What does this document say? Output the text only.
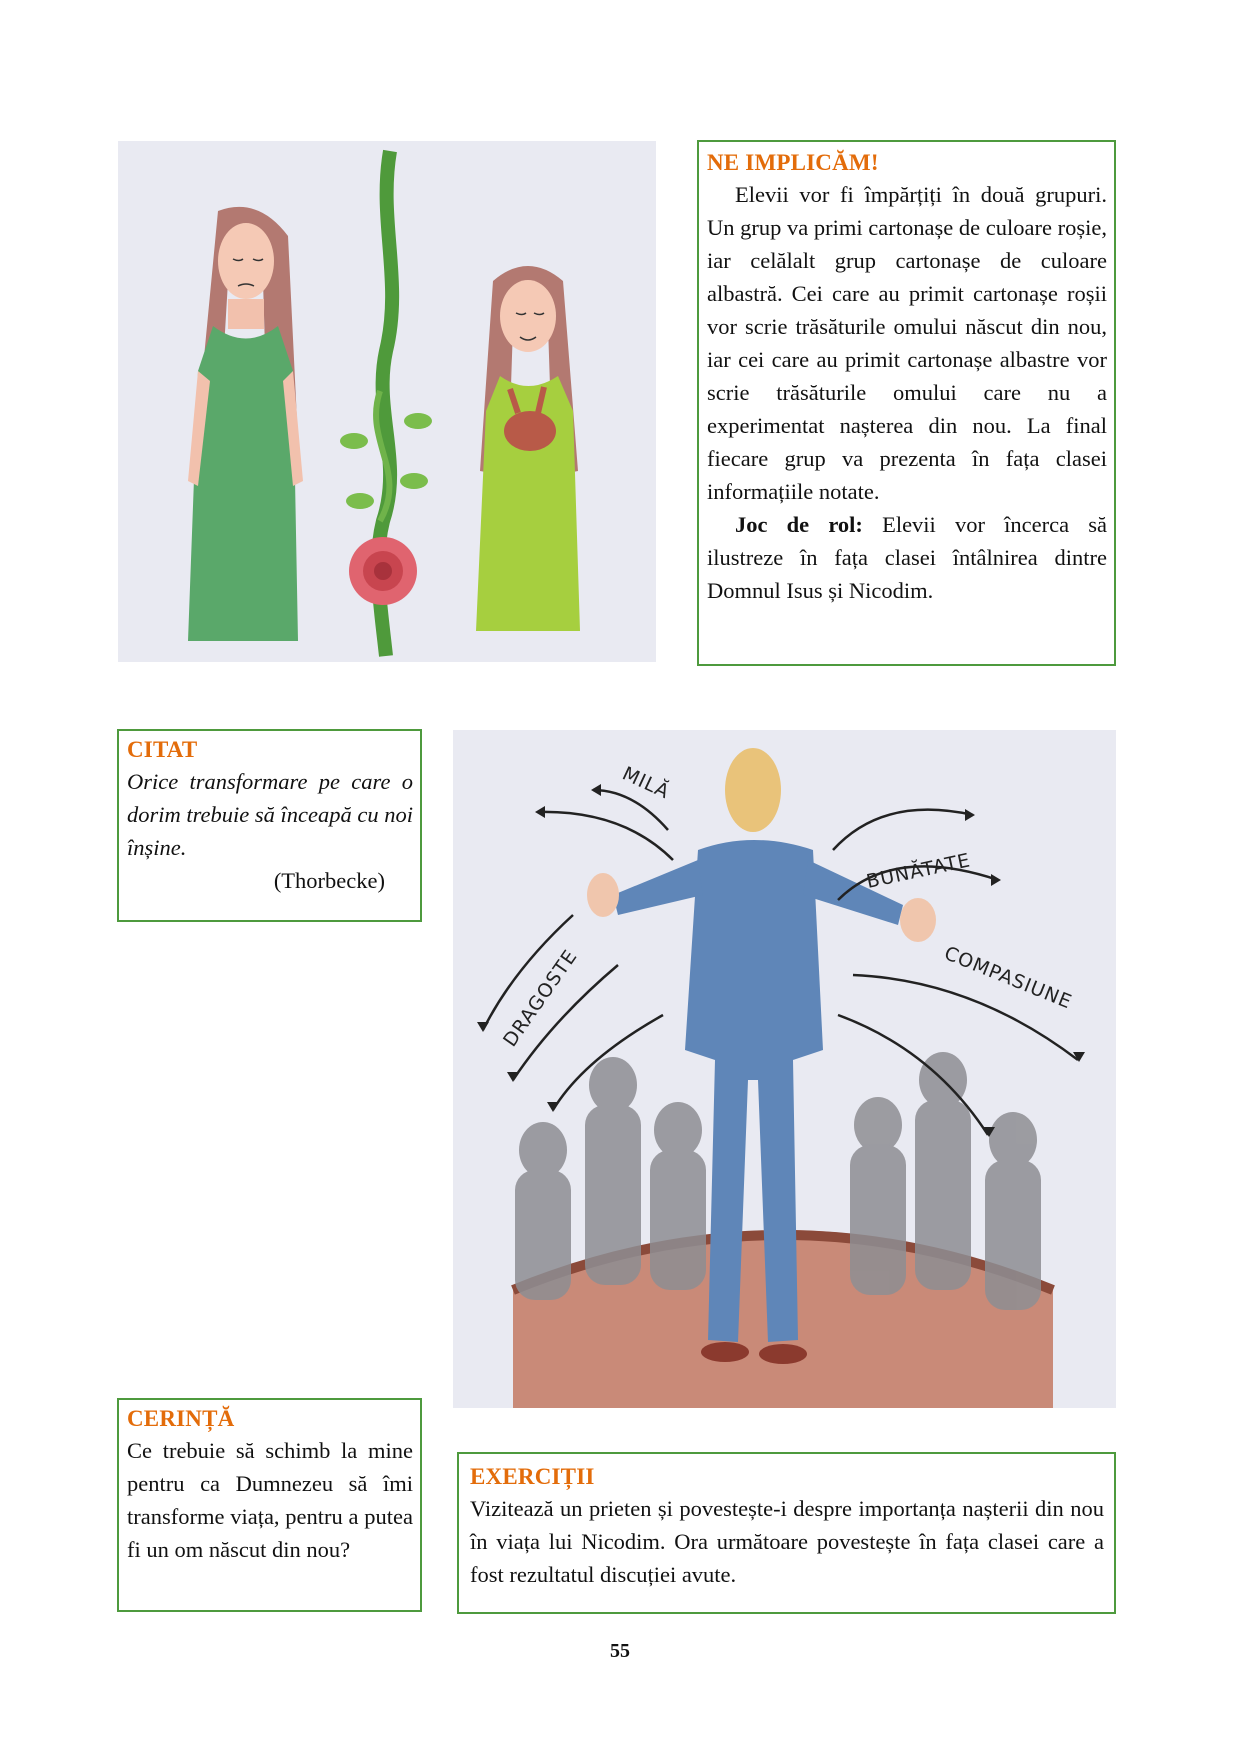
NE IMPLICĂM!

Elevii vor fi împărțiți în două grupuri. Un grup va primi cartonașe de culoare roșie, iar celălalt grup cartonașe de culoare albastră. Cei care au primit cartonașe roșii vor scrie trăsăturile omului născut din nou, iar cei care au primit cartonașe albastre vor scrie trăsăturile omului care nu a experimentat nașterea din nou. La final fiecare grup va prezenta în fața clasei informațiile notate.

Joc de rol: Elevii vor încerca să ilustreze în fața clasei întâlnirea dintre Domnul Isus și Nicodim.

CITAT
Orice transformare pe care o dorim trebuie să înceapă cu noi înșine.
(Thorbecke)
MILĂ
BUNĂTATE
DRAGOSTE	COMPASIUNE
CERINȚĂ
Ce trebuie să schimb la mine pentru ca Dumnezeu să îmi transforme viața, pentru a putea fi un om născut din nou?
EXERCIȚII
Vizitează un prieten și povestește-i despre importanța nașterii din nou în viața lui Nicodim. Ora următoare povestește în fața clasei care a fost rezultatul discuției avute.
55
